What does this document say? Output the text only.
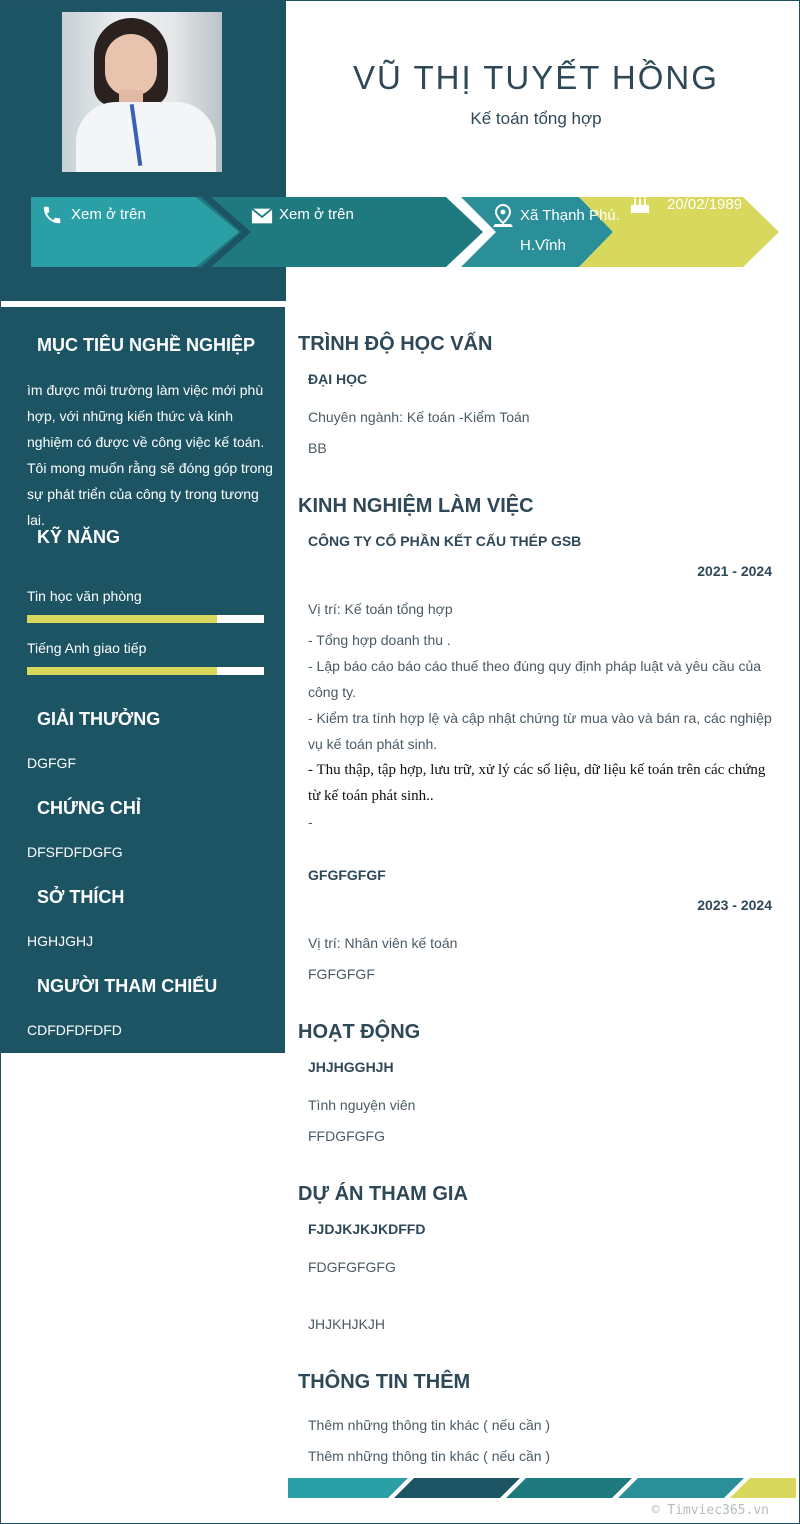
VŨ THỊ TUYẾT HỒNG
Kế toán tổng hợp
Xem ở trên	Xem ở trên	Xã Thạnh Phú.
H.Vĩnh
20/02/1989
MỤC TIÊU NGHỀ NGHIỆP
ìm được môi trường làm việc mới phù hợp, với những kiến thức và kinh nghiệm có được về công việc kế toán. Tôi mong muốn rằng sẽ đóng góp trong sự phát triển của công ty trong tương lai.
KỸ NĂNG
Tin học văn phòng
Tiếng Anh giao tiếp
GIẢI THƯỞNG
DGFGF
CHỨNG CHỈ
DFSFDFDGFG
SỞ THÍCH
HGHJGHJ
NGƯỜI THAM CHIẾU
CDFDFDFDFD
TRÌNH ĐỘ HỌC VẤN
ĐẠI HỌC
Chuyên ngành: Kế toán -Kiểm Toán
BB
KINH NGHIỆM LÀM VIỆC
CÔNG TY CỔ PHẦN KẾT CẤU THÉP GSB
2021 - 2024
Vị trí: Kế toán tổng hợp
- Tổng hợp doanh thu .
- Lập báo cáo báo cáo thuế theo đúng quy định pháp luật và yêu cầu của công ty.
- Kiểm tra tính hợp lệ và cập nhật chứng từ mua vào và bán ra, các nghiệp vụ kế toán phát sinh.
- Thu thập, tập hợp, lưu trữ, xử lý các số liệu, dữ liệu kế toán trên các chứng từ kế toán phát sinh..
-
GFGFGFGF
2023 - 2024
Vị trí: Nhân viên kế toán
FGFGFGF
HOẠT ĐỘNG
JHJHGGHJH
Tình nguyện viên
FFDGFGFG
DỰ ÁN THAM GIA
FJDJKJKJKDFFD
FDGFGFGFG
JHJKHJKJH
THÔNG TIN THÊM
Thêm những thông tin khác ( nếu cần )
Thêm những thông tin khác ( nếu cần )
© Timviec365.vn
